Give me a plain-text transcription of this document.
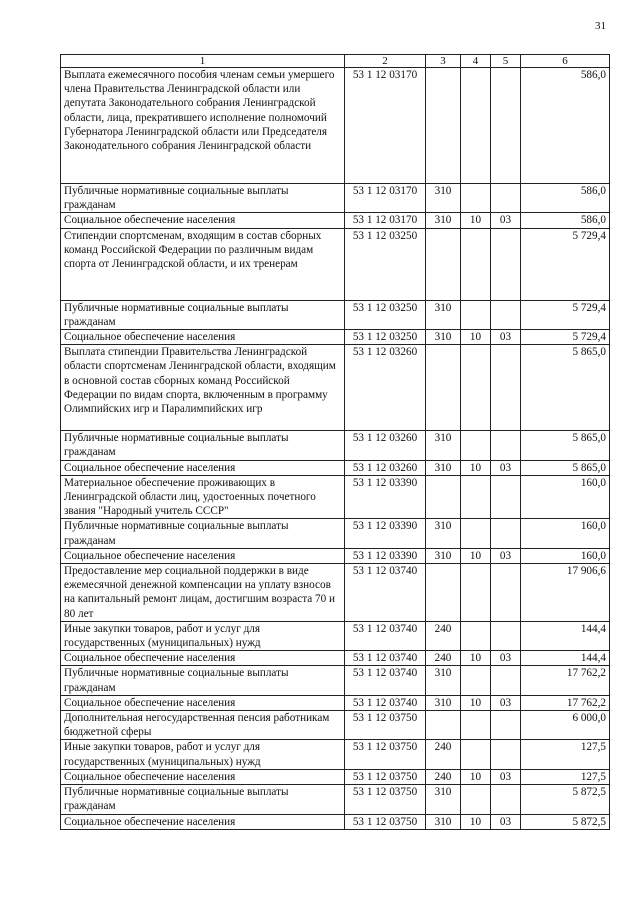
31
1	2	3	4	5	6
Выплата ежемесячного пособия членам семьи умершего члена Правительства Ленинградской области или депутата Законодательного собрания Ленинградской области, лица, прекратившего исполнение полномочий Губернатора Ленинградской области или Председателя Законодательного собрания Ленинградской области	53 1 12 03170				586,0
Публичные нормативные социальные выплаты гражданам	53 1 12 03170	310			586,0
Социальное обеспечение населения	53 1 12 03170	310	10	03	586,0
Стипендии спортсменам, входящим в состав сборных команд Российской Федерации по различным видам спорта от Ленинградской области, и их тренерам	53 1 12 03250				5 729,4
Публичные нормативные социальные выплаты гражданам	53 1 12 03250	310			5 729,4
Социальное обеспечение населения	53 1 12 03250	310	10	03	5 729,4
Выплата стипендии Правительства Ленинградской области спортсменам Ленинградской области, входящим в основной состав сборных команд Российской Федерации по видам спорта, включенным в программу Олимпийских игр и Паралимпийских игр	53 1 12 03260				5 865,0
Публичные нормативные социальные выплаты гражданам	53 1 12 03260	310			5 865,0
Социальное обеспечение населения	53 1 12 03260	310	10	03	5 865,0
Материальное обеспечение проживающих в Ленинградской области лиц, удостоенных почетного звания "Народный учитель СССР"	53 1 12 03390				160,0
Публичные нормативные социальные выплаты гражданам	53 1 12 03390	310			160,0
Социальное обеспечение населения	53 1 12 03390	310	10	03	160,0
Предоставление мер социальной поддержки в виде ежемесячной денежной компенсации на уплату взносов на капитальный ремонт лицам, достигшим возраста 70 и 80 лет	53 1 12 03740				17 906,6
Иные закупки товаров, работ и услуг для государственных (муниципальных) нужд	53 1 12 03740	240			144,4
Социальное обеспечение населения	53 1 12 03740	240	10	03	144,4
Публичные нормативные социальные выплаты гражданам	53 1 12 03740	310			17 762,2
Социальное обеспечение населения	53 1 12 03740	310	10	03	17 762,2
Дополнительная негосударственная пенсия работникам бюджетной сферы	53 1 12 03750				6 000,0
Иные закупки товаров, работ и услуг для государственных (муниципальных) нужд	53 1 12 03750	240			127,5
Социальное обеспечение населения	53 1 12 03750	240	10	03	127,5
Публичные нормативные социальные выплаты гражданам	53 1 12 03750	310			5 872,5
Социальное обеспечение населения	53 1 12 03750	310	10	03	5 872,5
